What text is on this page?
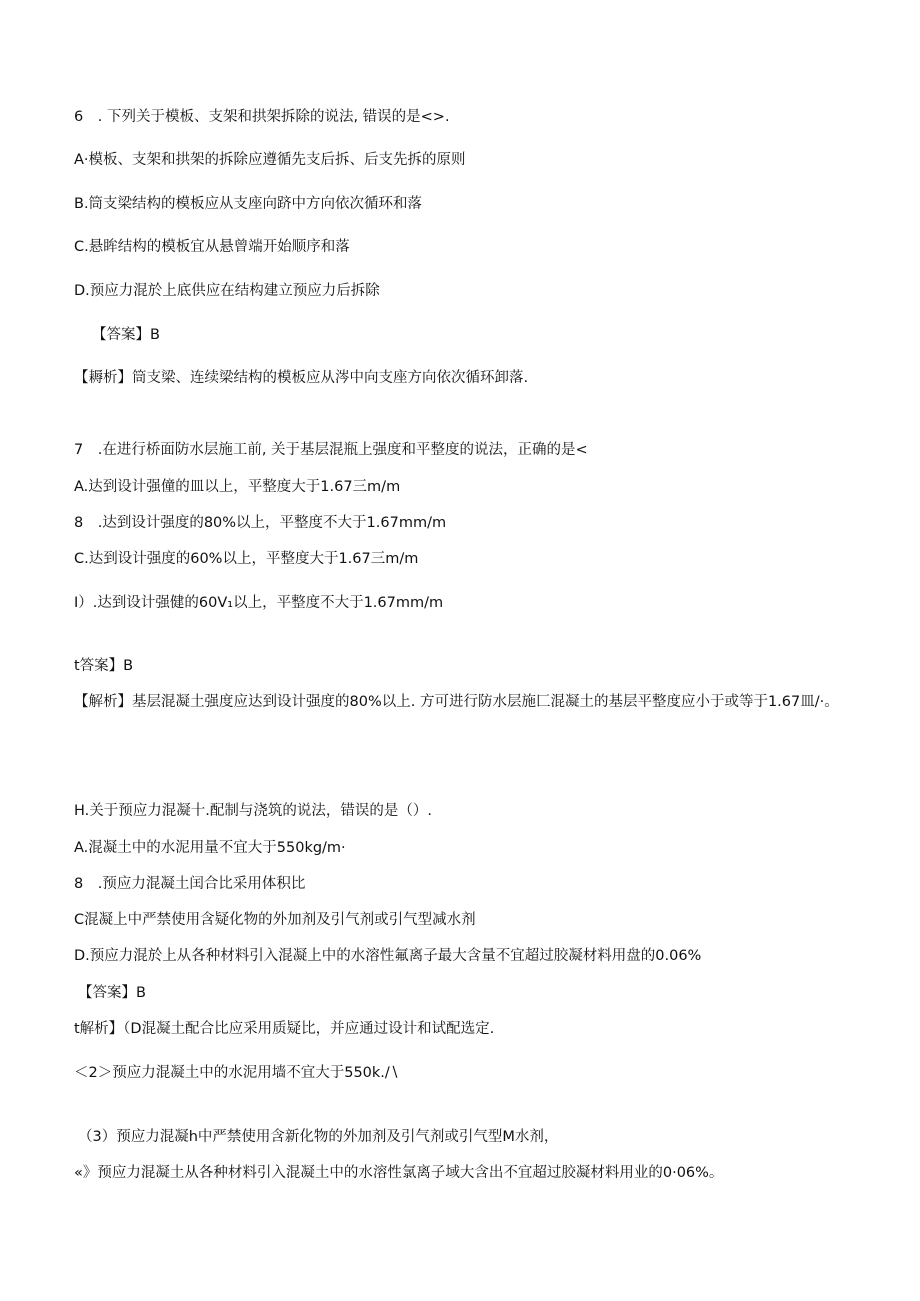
6　. 下列关于模板、支架和拱架拆除的说法, 错误的是<>.
A·模板、支架和拱架的拆除应遵循先支后拆、后支先拆的原则
B.筒支梁结构的模板应从支座向跻中方向依次循环和落
C.悬眸结构的模板宜从悬曾端开始顺序和落
D.预应力混於上底供应在结构建立预应力后拆除
【答案】B
【耨析】筒支梁、连续梁结构的模板应从涔中向支座方向依次循环卸落.
7　.在进行桥面防水层施工前, 关于基层混瓶上强度和平整度的说法，正确的是<
A.达到设计强僮的皿以上，平整度大于1.67三m∕m
8　.达到设计强度的80%以上，平整度不大于1.67mm∕m
C.达到设计强度的60%以上，平整度大于1.67三m∕m
I）.达到设计强健的60V₁以上，平整度不大于1.67mm∕m
t答案】B
【解析】基层混凝土强度应达到设计强度的80%以上. 方可进行防水层施匚混凝土的基层平整度应小于或等于1.67皿/·。
H.关于预应力混凝十.配制与浇筑的说法，错误的是（）.
A.混凝土中的水泥用量不宜大于550kg∕m·
8　.预应力混凝土闰合比采用体积比
C混凝上中严禁使用含疑化物的外加剂及引气剂或引气型减水剂
D.预应力混於上从各种材料引入混凝上中的水溶性氟离子最大含量不宜超过胶凝材料用盘的0.06%
【答案】B
t解析】（D混凝土配合比应采用质疑比，并应通过设计和试配选定.
＜2＞预应力混凝土中的水泥用墙不宜大于550k.∕∖
（3）预应力混凝h中严禁使用含新化物的外加剂及引气剂或引气型M水剂，
«》预应力混凝土从各种材料引入混凝土中的水溶性氯离子域大含出不宜超过胶凝材料用业的0·06%。
